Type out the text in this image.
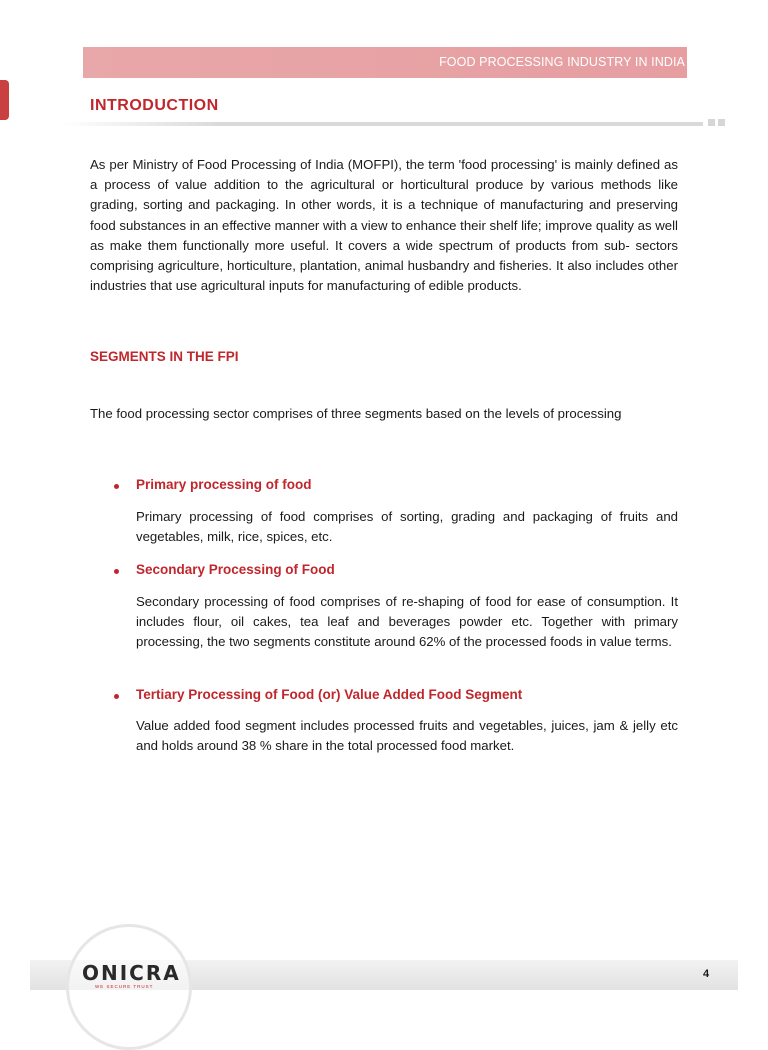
FOOD PROCESSING INDUSTRY IN INDIA
INTRODUCTION

As per Ministry of Food Processing of India (MOFPI), the term 'food processing' is mainly defined as a process of value addition to the agricultural or horticultural produce by various methods like grading, sorting and packaging. In other words, it is a technique of manufacturing and preserving food substances in an effective manner with a view to enhance their shelf life; improve quality as well as make them functionally more useful. It covers a wide spectrum of products from sub- sectors comprising agriculture, horticulture, plantation, animal husbandry and fisheries. It also includes other industries that use agricultural inputs for manufacturing of edible products.

SEGMENTS IN THE FPI

The food processing sector comprises of three segments based on the levels of processing

Primary processing of food

Primary processing of food comprises of sorting, grading and packaging of fruits and vegetables, milk, rice, spices, etc.

Secondary Processing of Food

Secondary processing of food comprises of re-shaping of food for ease of consumption. It includes flour, oil cakes, tea leaf and beverages powder etc. Together with primary processing, the two segments constitute around 62% of the processed foods in value terms.

Tertiary Processing of Food (or) Value Added Food Segment

Value added food segment includes processed fruits and vegetables, juices, jam & jelly etc and holds around 38 % share in the total processed food market.

ONICRA
WE SECURE TRUST
4
